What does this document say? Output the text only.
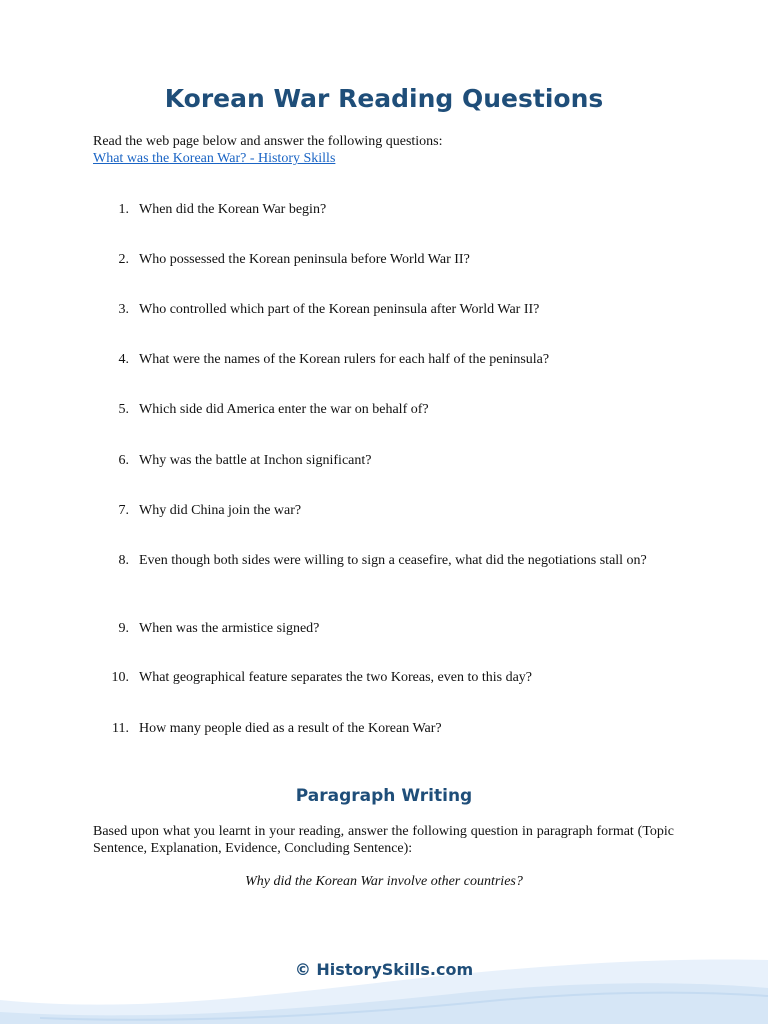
Korean War Reading Questions
Read the web page below and answer the following questions:
What was the Korean War? - History Skills
1. When did the Korean War begin?
2. Who possessed the Korean peninsula before World War II?
3. Who controlled which part of the Korean peninsula after World War II?
4. What were the names of the Korean rulers for each half of the peninsula?
5. Which side did America enter the war on behalf of?
6. Why was the battle at Inchon significant?
7. Why did China join the war?
8. Even though both sides were willing to sign a ceasefire, what did the negotiations stall on?
9. When was the armistice signed?
10. What geographical feature separates the two Koreas, even to this day?
11. How many people died as a result of the Korean War?
Paragraph Writing

Based upon what you learnt in your reading, answer the following question in paragraph format (Topic Sentence, Explanation, Evidence, Concluding Sentence):

Why did the Korean War involve other countries?
© HistorySkills.com
